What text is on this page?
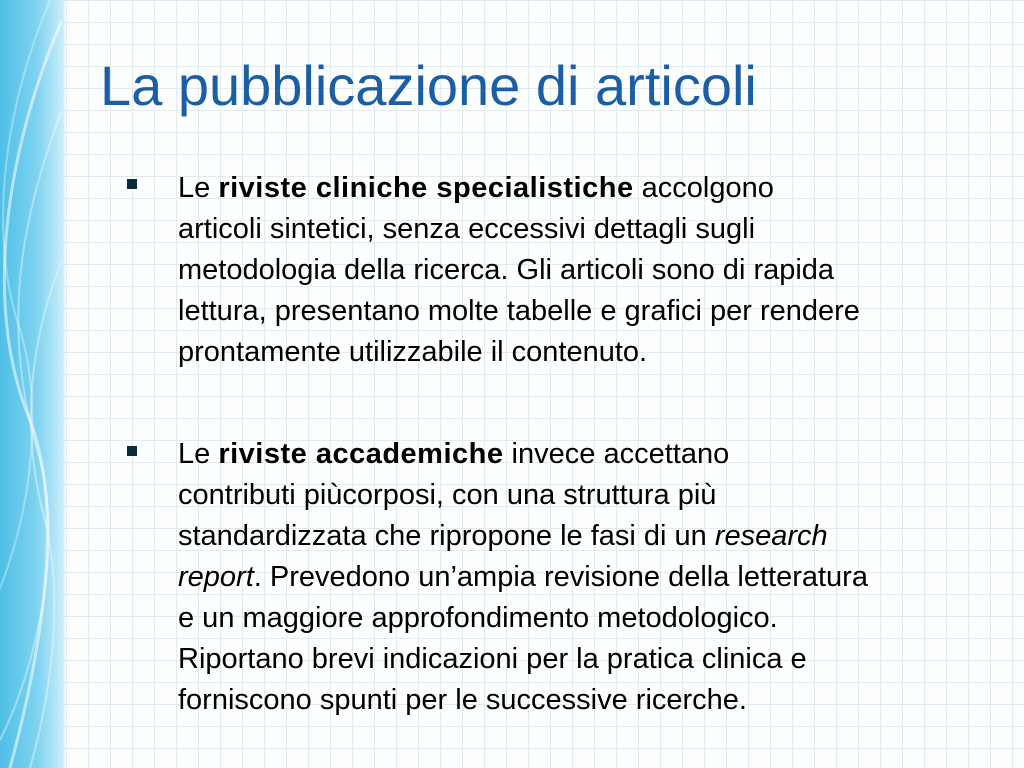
La pubblicazione di articoli

Le riviste cliniche specialistiche accolgono
articoli sintetici, senza eccessivi dettagli sugli
metodologia della ricerca. Gli articoli sono di rapida
lettura, presentano molte tabelle e grafici per rendere
prontamente utilizzabile il contenuto.

Le riviste accademiche invece accettano
contributi piùcorposi, con una struttura più
standardizzata che ripropone le fasi di un research
report. Prevedono un’ampia revisione della letteratura
e un maggiore approfondimento metodologico.
Riportano brevi indicazioni per la pratica clinica e
forniscono spunti per le successive ricerche.
